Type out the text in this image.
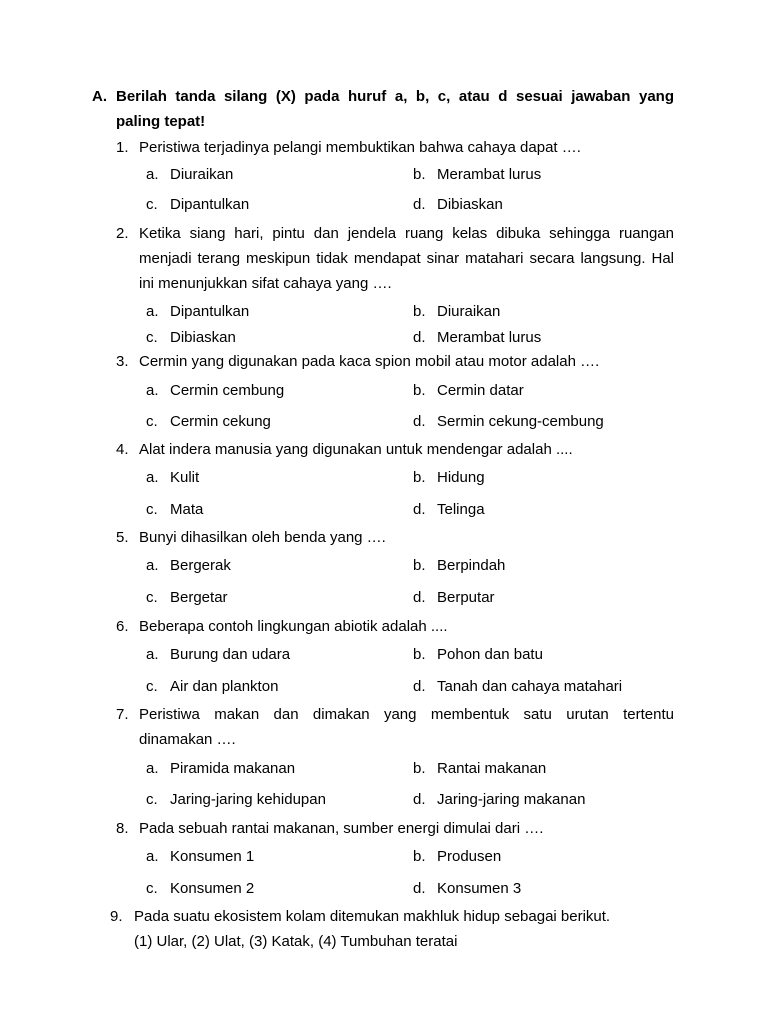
A. Berilah tanda silang (X) pada huruf a, b, c, atau d sesuai jawaban yang
paling tepat!
1. Peristiwa terjadinya pelangi membuktikan bahwa cahaya dapat ….
a. Diuraikan	b. Merambat lurus
c. Dipantulkan	d. Dibiaskan
2. Ketika siang hari, pintu dan jendela ruang kelas dibuka sehingga ruangan
menjadi terang meskipun tidak mendapat sinar matahari secara langsung. Hal
ini menunjukkan sifat cahaya yang ….
a. Dipantulkan	b. Diuraikan
c. Dibiaskan	d. Merambat lurus
3. Cermin yang digunakan pada kaca spion mobil atau motor adalah ….
a. Cermin cembung	b. Cermin datar
c. Cermin cekung	d. Sermin cekung-cembung
4. Alat indera manusia yang digunakan untuk mendengar adalah ....
a. Kulit	b. Hidung
c. Mata	d. Telinga
5. Bunyi dihasilkan oleh benda yang ….
a. Bergerak	b. Berpindah
c. Bergetar	d. Berputar
6. Beberapa contoh lingkungan abiotik adalah ....
a. Burung dan udara	b. Pohon dan batu
c. Air dan plankton	d. Tanah dan cahaya matahari
7. Peristiwa makan dan dimakan yang membentuk satu urutan tertentu
dinamakan ….
a. Piramida makanan	b. Rantai makanan
c. Jaring-jaring kehidupan	d. Jaring-jaring makanan
8. Pada sebuah rantai makanan, sumber energi dimulai dari ….
a. Konsumen 1	b. Produsen
c. Konsumen 2	d. Konsumen 3
9. Pada suatu ekosistem kolam ditemukan makhluk hidup sebagai berikut.
(1) Ular, (2) Ulat, (3) Katak, (4) Tumbuhan teratai
